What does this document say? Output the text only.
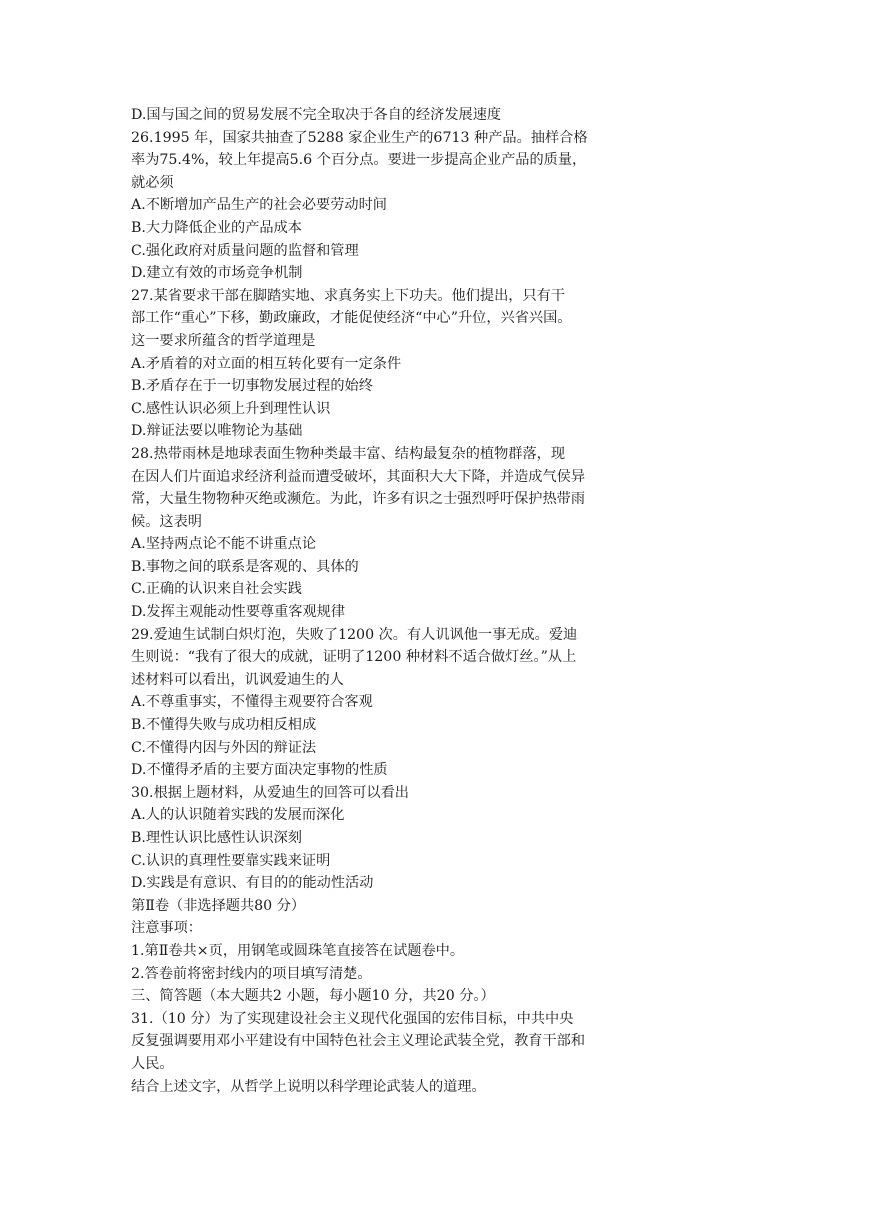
D.国与国之间的贸易发展不完全取决于各自的经济发展速度
26.1995 年，国家共抽查了5288 家企业生产的6713 种产品。抽样合格
率为75.4%，较上年提高5.6 个百分点。要进一步提高企业产品的质量，
就必须
A.不断增加产品生产的社会必要劳动时间
B.大力降低企业的产品成本
C.强化政府对质量问题的监督和管理
D.建立有效的市场竞争机制
27.某省要求干部在脚踏实地、求真务实上下功夫。他们提出，只有干
部工作“重心”下移，勤政廉政，才能促使经济“中心”升位，兴省兴国。
这一要求所蕴含的哲学道理是
A.矛盾着的对立面的相互转化要有一定条件
B.矛盾存在于一切事物发展过程的始终
C.感性认识必须上升到理性认识
D.辩证法要以唯物论为基础
28.热带雨林是地球表面生物种类最丰富、结构最复杂的植物群落，现
在因人们片面追求经济利益而遭受破坏，其面积大大下降，并造成气侯异
常，大量生物物种灭绝或濒危。为此，许多有识之士强烈呼吁保护热带雨
候。这表明
A.坚持两点论不能不讲重点论
B.事物之间的联系是客观的、具体的
C.正确的认识来自社会实践
D.发挥主观能动性要尊重客观规律
29.爱迪生试制白炽灯泡，失败了1200 次。有人讥讽他一事无成。爱迪
生则说：“我有了很大的成就，证明了1200 种材料不适合做灯丝。”从上
述材料可以看出，讥讽爱迪生的人
A.不尊重事实，不懂得主观要符合客观
B.不懂得失败与成功相反相成
C.不懂得内因与外因的辩证法
D.不懂得矛盾的主要方面决定事物的性质
30.根据上题材料，从爱迪生的回答可以看出
A.人的认识随着实践的发展而深化
B.理性认识比感性认识深刻
C.认识的真理性要靠实践来证明
D.实践是有意识、有目的的能动性活动
第Ⅱ卷（非选择题共80 分）
注意事项：
1.第Ⅱ卷共×页，用钢笔或圆珠笔直接答在试题卷中。
2.答卷前将密封线内的项目填写清楚。
三、简答题（本大题共2 小题，每小题10 分，共20 分。）
31.（10 分）为了实现建设社会主义现代化强国的宏伟目标，中共中央
反复强调要用邓小平建设有中国特色社会主义理论武装全党，教育干部和
人民。
结合上述文字，从哲学上说明以科学理论武装人的道理。
